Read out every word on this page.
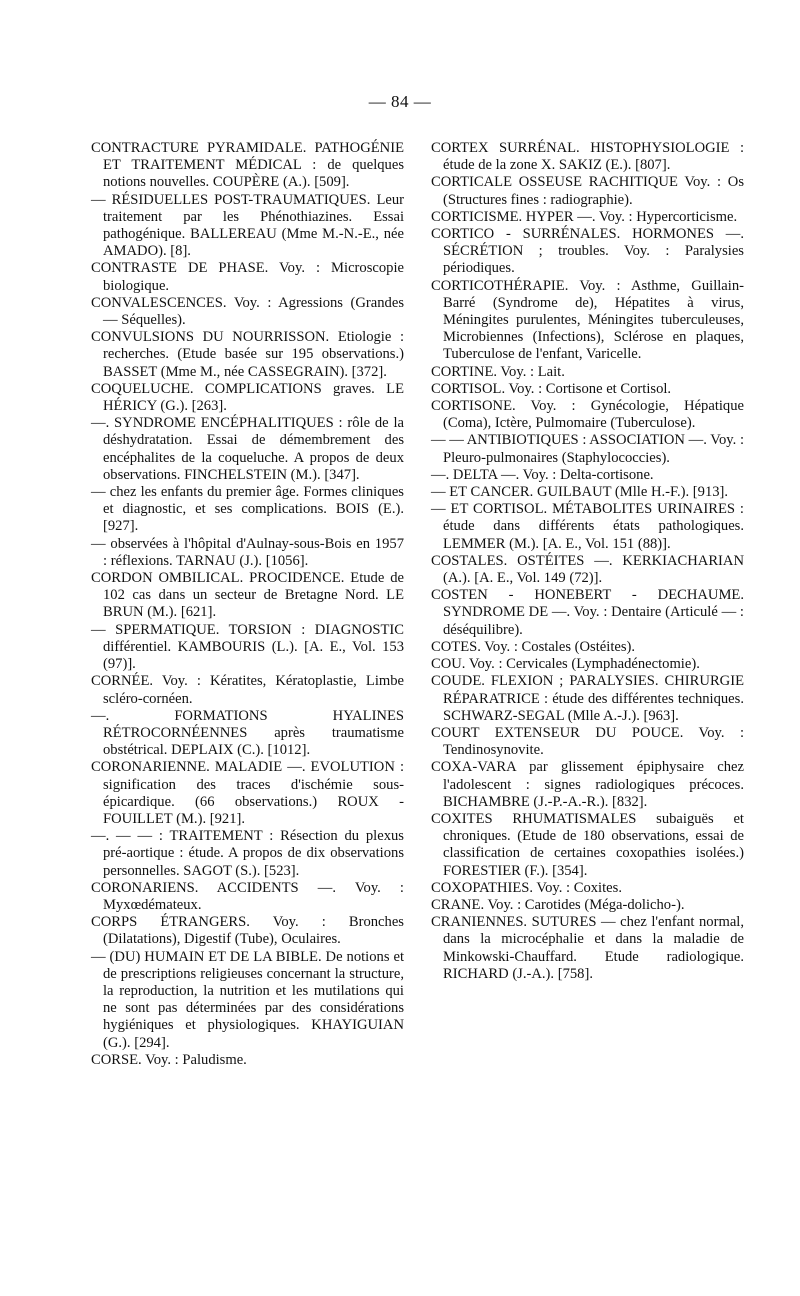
— 84 —

CONTRACTURE PYRAMIDALE. PATHOGÉNIE ET TRAITEMENT MÉDICAL : de quelques notions nouvelles. COUPÈRE (A.). [509].

— RÉSIDUELLES POST-TRAUMATIQUES. Leur traitement par les Phénothiazines. Essai pathogénique. BALLEREAU (Mme M.-N.-E., née AMADO). [8].

CONTRASTE DE PHASE. Voy. : Microscopie biologique.

CONVALESCENCES. Voy. : Agressions (Grandes — Séquelles).

CONVULSIONS DU NOURRISSON. Etiologie : recherches. (Etude basée sur 195 observations.) BASSET (Mme M., née CASSEGRAIN). [372].

COQUELUCHE. COMPLICATIONS graves. LE HÉRICY (G.). [263].

—. SYNDROME ENCÉPHALITIQUES : rôle de la déshydratation. Essai de démembrement des encéphalites de la coqueluche. A propos de deux observations. FINCHELSTEIN (M.). [347].

— chez les enfants du premier âge. Formes cliniques et diagnostic, et ses complications. BOIS (E.). [927].

— observées à l'hôpital d'Aulnay-sous-Bois en 1957 : réflexions. TARNAU (J.). [1056].

CORDON OMBILICAL. PROCIDENCE. Etude de 102 cas dans un secteur de Bretagne Nord. LE BRUN (M.). [621].

— SPERMATIQUE. TORSION : DIAGNOSTIC différentiel. KAMBOURIS (L.). [A. E., Vol. 153 (97)].

CORNÉE. Voy. : Kératites, Kératoplastie, Limbe scléro-cornéen.

—. FORMATIONS HYALINES RÉTROCORNÉENNES après traumatisme obstétrical. DEPLAIX (C.). [1012].

CORONARIENNE. MALADIE —. EVOLUTION : signification des traces d'ischémie sous-épicardique. (66 observations.) ROUX - FOUILLET (M.). [921].

—. — — : TRAITEMENT : Résection du plexus pré-aortique : étude. A propos de dix observations personnelles. SAGOT (S.). [523].

CORONARIENS. ACCIDENTS —. Voy. : Myxœdémateux.

CORPS ÉTRANGERS. Voy. : Bronches (Dilatations), Digestif (Tube), Oculaires.

— (DU) HUMAIN ET DE LA BIBLE. De notions et de prescriptions religieuses concernant la structure, la reproduction, la nutrition et les mutilations qui ne sont pas déterminées par des considérations hygiéniques et physiologiques. KHAYIGUIAN (G.). [294].

CORSE. Voy. : Paludisme.

CORTEX SURRÉNAL. HISTOPHYSIOLOGIE : étude de la zone X. SAKIZ (E.). [807].

CORTICALE OSSEUSE RACHITIQUE Voy. : Os (Structures fines : radiographie).

CORTICISME. HYPER —. Voy. : Hypercorticisme.

CORTICO - SURRÉNALES. HORMONES —. SÉCRÉTION ; troubles. Voy. : Paralysies périodiques.

CORTICOTHÉRAPIE. Voy. : Asthme, Guillain-Barré (Syndrome de), Hépatites à virus, Méningites purulentes, Méningites tuberculeuses, Microbiennes (Infections), Sclérose en plaques, Tuberculose de l'enfant, Varicelle.

CORTINE. Voy. : Lait.

CORTISOL. Voy. : Cortisone et Cortisol.

CORTISONE. Voy. : Gynécologie, Hépatique (Coma), Ictère, Pulmomaire (Tuberculose).

— — ANTIBIOTIQUES : ASSOCIATION —. Voy. : Pleuro-pulmonaires (Staphylococcies).

—. DELTA —. Voy. : Delta-cortisone.

— ET CANCER. GUILBAUT (Mlle H.-F.). [913].

— ET CORTISOL. MÉTABOLITES URINAIRES : étude dans différents états pathologiques. LEMMER (M.). [A. E., Vol. 151 (88)].

COSTALES. OSTÉITES —. KERKIACHARIAN (A.). [A. E., Vol. 149 (72)].

COSTEN - HONEBERT - DECHAUME. SYNDROME DE —. Voy. : Dentaire (Articulé — : déséquilibre).

COTES. Voy. : Costales (Ostéites).

COU. Voy. : Cervicales (Lymphadénectomie).

COUDE. FLEXION ; PARALYSIES. CHIRURGIE RÉPARATRICE : étude des différentes techniques. SCHWARZ-SEGAL (Mlle A.-J.). [963].

COURT EXTENSEUR DU POUCE. Voy. : Tendinosynovite.

COXA-VARA par glissement épiphysaire chez l'adolescent : signes radiologiques précoces. BICHAMBRE (J.-P.-A.-R.). [832].

COXITES RHUMATISMALES subaiguës et chroniques. (Etude de 180 observations, essai de classification de certaines coxopathies isolées.) FORESTIER (F.). [354].

COXOPATHIES. Voy. : Coxites.

CRANE. Voy. : Carotides (Méga-dolicho-).

CRANIENNES. SUTURES — chez l'enfant normal, dans la microcéphalie et dans la maladie de Minkowski-Chauffard. Etude radiologique. RICHARD (J.-A.). [758].
